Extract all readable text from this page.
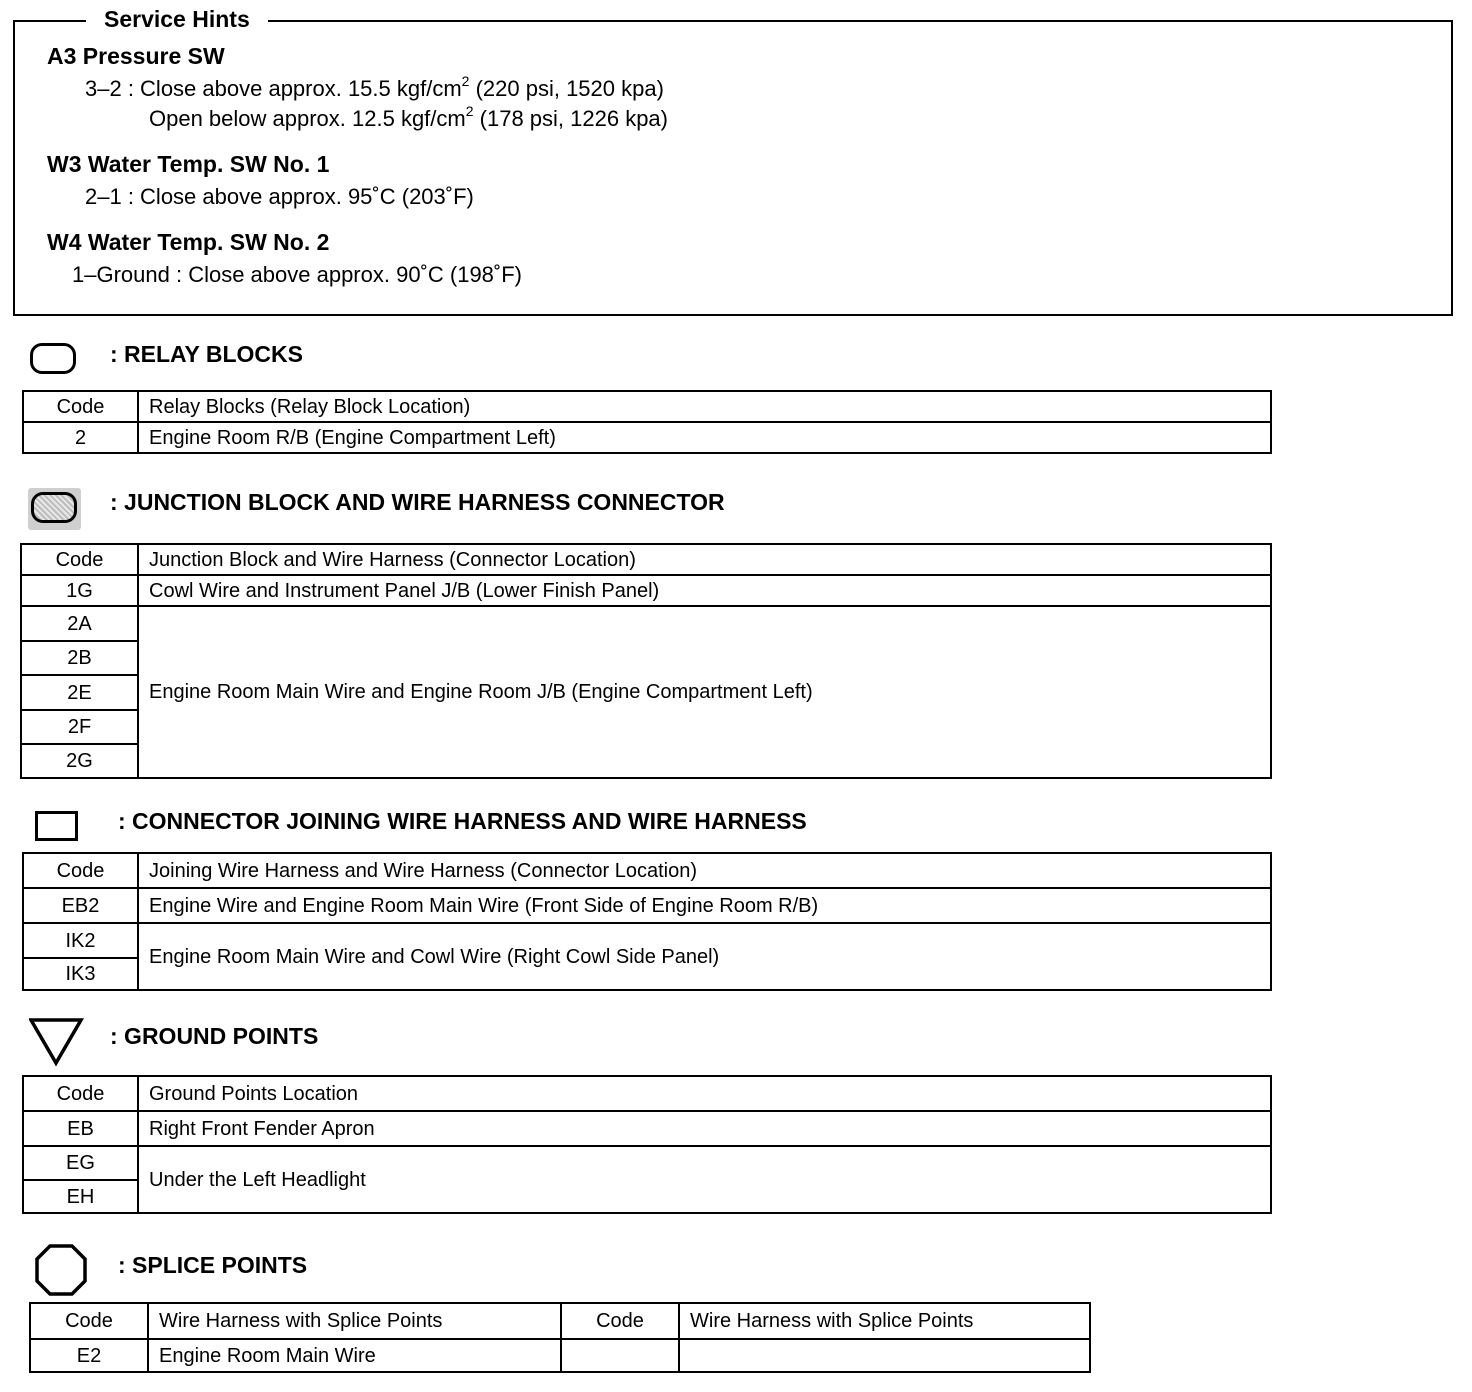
Service Hints
A3 Pressure SW
3–2 : Close above approx. 15.5 kgf/$cm^2$ (220 psi, 1520 kpa)
Open below approx. 12.5 kgf/$cm^2$ (178 psi, 1226 kpa)
W3 Water Temp. SW No. 1
2–1 : Close above approx. 95˚C (203˚F)
W4 Water Temp. SW No. 2
1–Ground : Close above approx. 90˚C (198˚F)
: RELAY BLOCKS
Code	Relay Blocks (Relay Block Location)
2	Engine Room R/B (Engine Compartment Left)
: JUNCTION BLOCK AND WIRE HARNESS CONNECTOR
Code	Junction Block and Wire Harness (Connector Location)
1G	Cowl Wire and Instrument Panel J/B (Lower Finish Panel)
2A	Engine Room Main Wire and Engine Room J/B (Engine Compartment Left)
2B	
2E	
2F	
2G	
: CONNECTOR JOINING WIRE HARNESS AND WIRE HARNESS
Code	Joining Wire Harness and Wire Harness (Connector Location)
EB2	Engine Wire and Engine Room Main Wire (Front Side of Engine Room R/B)
IK2	Engine Room Main Wire and Cowl Wire (Right Cowl Side Panel)
IK3	
: GROUND POINTS
Code	Ground Points Location
EB	Right Front Fender Apron
EG	Under the Left Headlight
EH	
: SPLICE POINTS
Code	Wire Harness with Splice Points	Code	Wire Harness with Splice Points
E2	Engine Room Main Wire		
